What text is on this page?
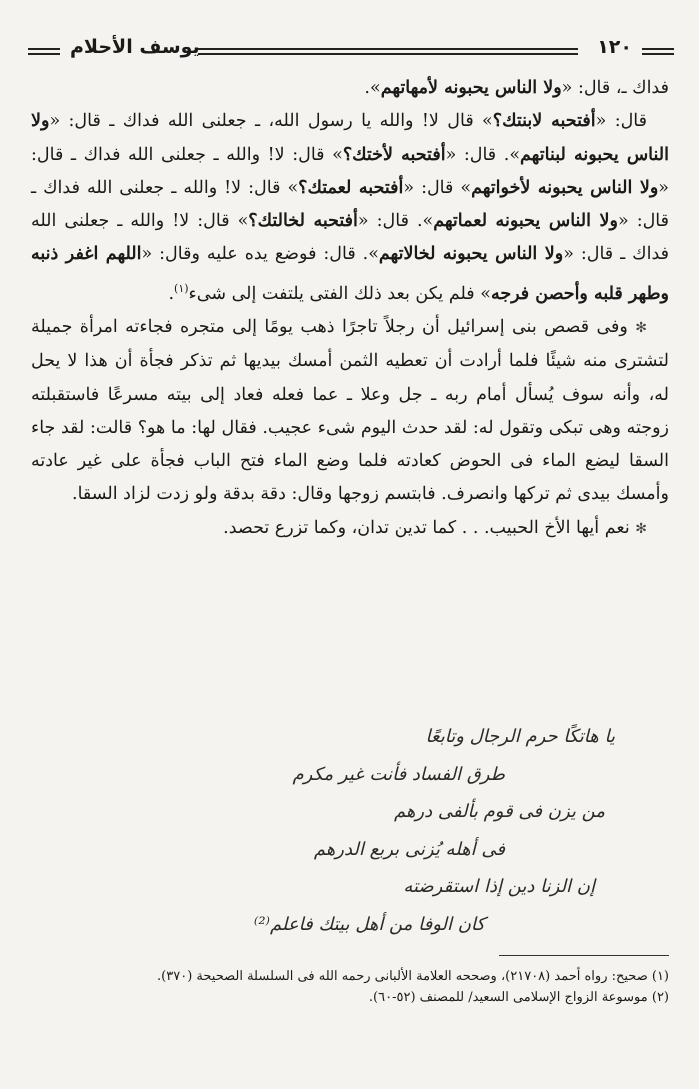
١٢٠
يوسف الأحلام

فداك ـ، قال: «ولا الناس يحبونه لأمهاتهم».

قال: «أفتحبه لابنتك؟» قال لا! والله يا رسول الله، ـ جعلنى الله فداك ـ قال: «ولا الناس يحبونه لبناتهم». قال: «أفتحبه لأختك؟» قال: لا! والله ـ جعلنى الله فداك ـ قال: «ولا الناس يحبونه لأخواتهم» قال: «أفتحبه لعمتك؟» قال: لا! والله ـ جعلنى الله فداك ـ قال: «ولا الناس يحبونه لعماتهم». قال: «أفتحبه لخالتك؟» قال: لا! والله ـ جعلنى الله فداك ـ قال: «ولا الناس يحبونه لخالاتهم». قال: فوضع يده عليه وقال: «اللهم اغفر ذنبه وطهر قلبه وأحصن فرجه» فلم يكن بعد ذلك الفتى يلتفت إلى شىء$^{(١)}$.

✻ وفى قصص بنى إسرائيل أن رجلاً تاجرًا ذهب يومًا إلى متجره فجاءته امرأة جميلة لتشترى منه شيئًا فلما أرادت أن تعطيه الثمن أمسك بيديها ثم تذكر فجأة أن هذا لا يحل له، وأنه سوف يُسأل أمام ربه ـ جل وعلا ـ عما فعله فعاد إلى بيته مسرعًا فاستقبلته زوجته وهى تبكى وتقول له: لقد حدث اليوم شىء عجيب. فقال لها: ما هو؟ قالت: لقد جاء السقا ليضع الماء فى الحوض كعادته فلما وضع الماء فتح الباب فجأة على غير عادته وأمسك بيدى ثم تركها وانصرف. فابتسم زوجها وقال: دقة بدقة ولو زدت لزاد السقا.

✻ نعم أيها الأخ الحبيب. . . كما تدين تدان، وكما تزرع تحصد.

يا هاتكًا حرم الرجال وتابعًا
طرق الفساد فأنت غير مكرم
من يزن فى قوم بألفى درهم
فى أهله يُزنى بربع الدرهم
إن الزنا دين إذا استقرضته
كان الوفا من أهل بيتك فاعلم⁽²⁾

(١) صحيح: رواه أحمد (٢١٧٠٨)، وصححه العلامة الألبانى رحمه الله فى السلسلة الصحيحة (٣٧٠).

(٢) موسوعة الزواج الإسلامى السعيد/ للمصنف (٥٢-٦٠).
